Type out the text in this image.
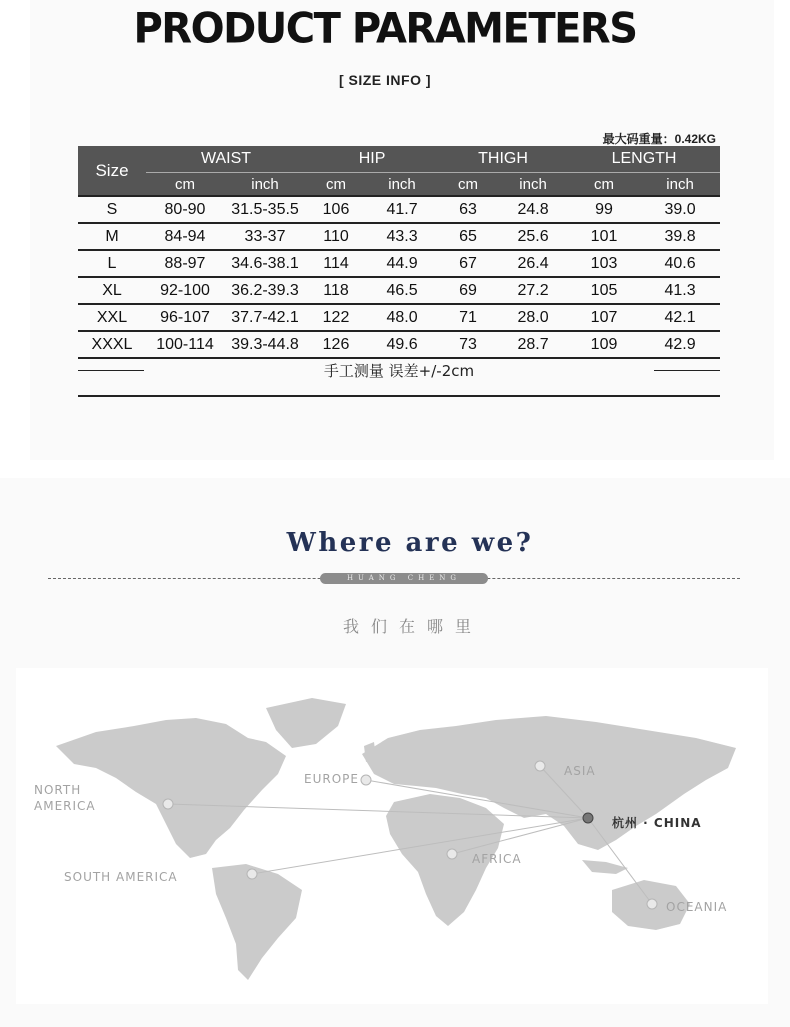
PRODUCT PARAMETERS
[ SIZE INFO ]
最大码重量：0.42KG
Size	WAIST		HIP		THIGH		LENGTH	
	cm	inch	cm	inch	cm	inch	cm	inch
S	80-90	31.5-35.5	106	41.7	63	24.8	99	39.0
M	84-94	33-37	110	43.3	65	25.6	101	39.8
L	88-97	34.6-38.1	114	44.9	67	26.4	103	40.6
XL	92-100	36.2-39.3	118	46.5	69	27.2	105	41.3
XXL	96-107	37.7-42.1	122	48.0	71	28.0	107	42.1
XXXL	100-114	39.3-44.8	126	49.6	73	28.7	109	42.9
手工测量 误差+/-2cm
Where are we?
HUANG CHENG
我们在哪里
NORTH
AMERICA
EUROPE
ASIA
杭州 · CHINA
AFRICA
SOUTH AMERICA
OCEANIA
